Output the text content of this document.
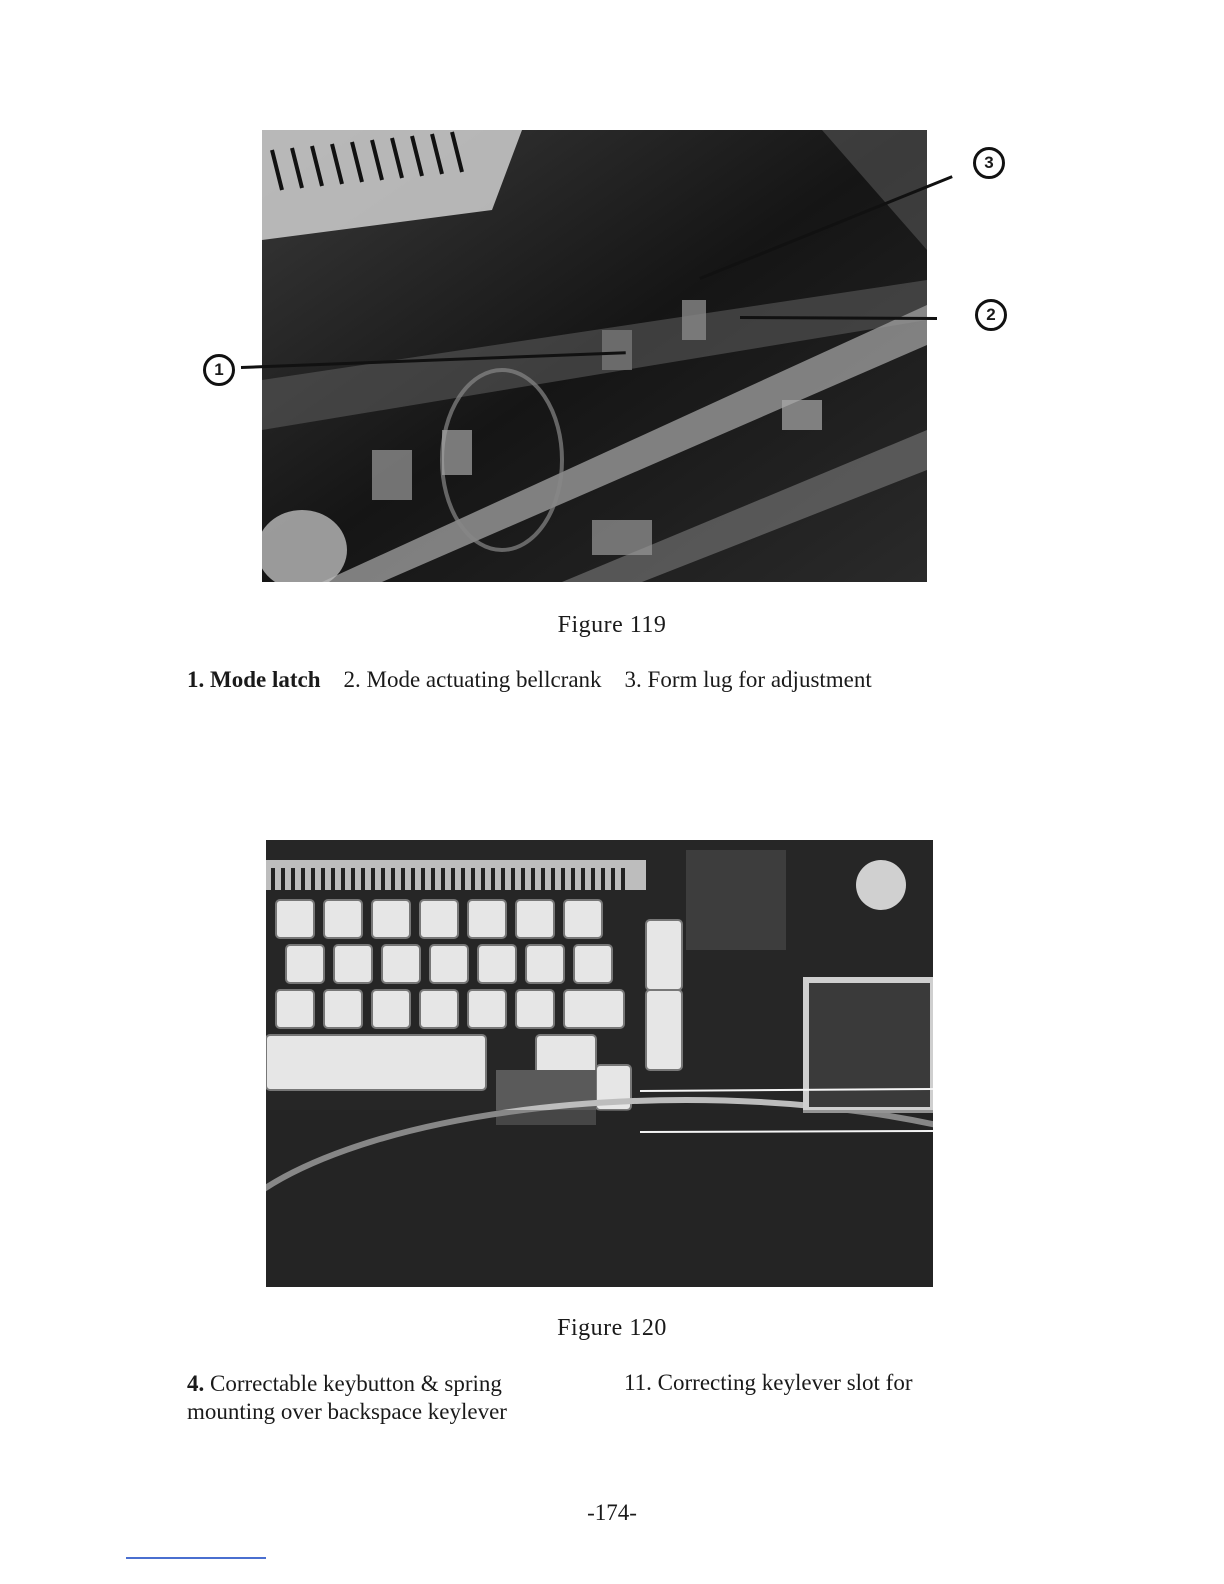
1
2
3
Figure 119
1. Mode latch 2. Mode actuating bellcrank 3. Form lug for adjustment
Figure 120
4. Correctable keybutton & spring
mounting over backspace keylever
11. Correcting keylever slot for
-174-
